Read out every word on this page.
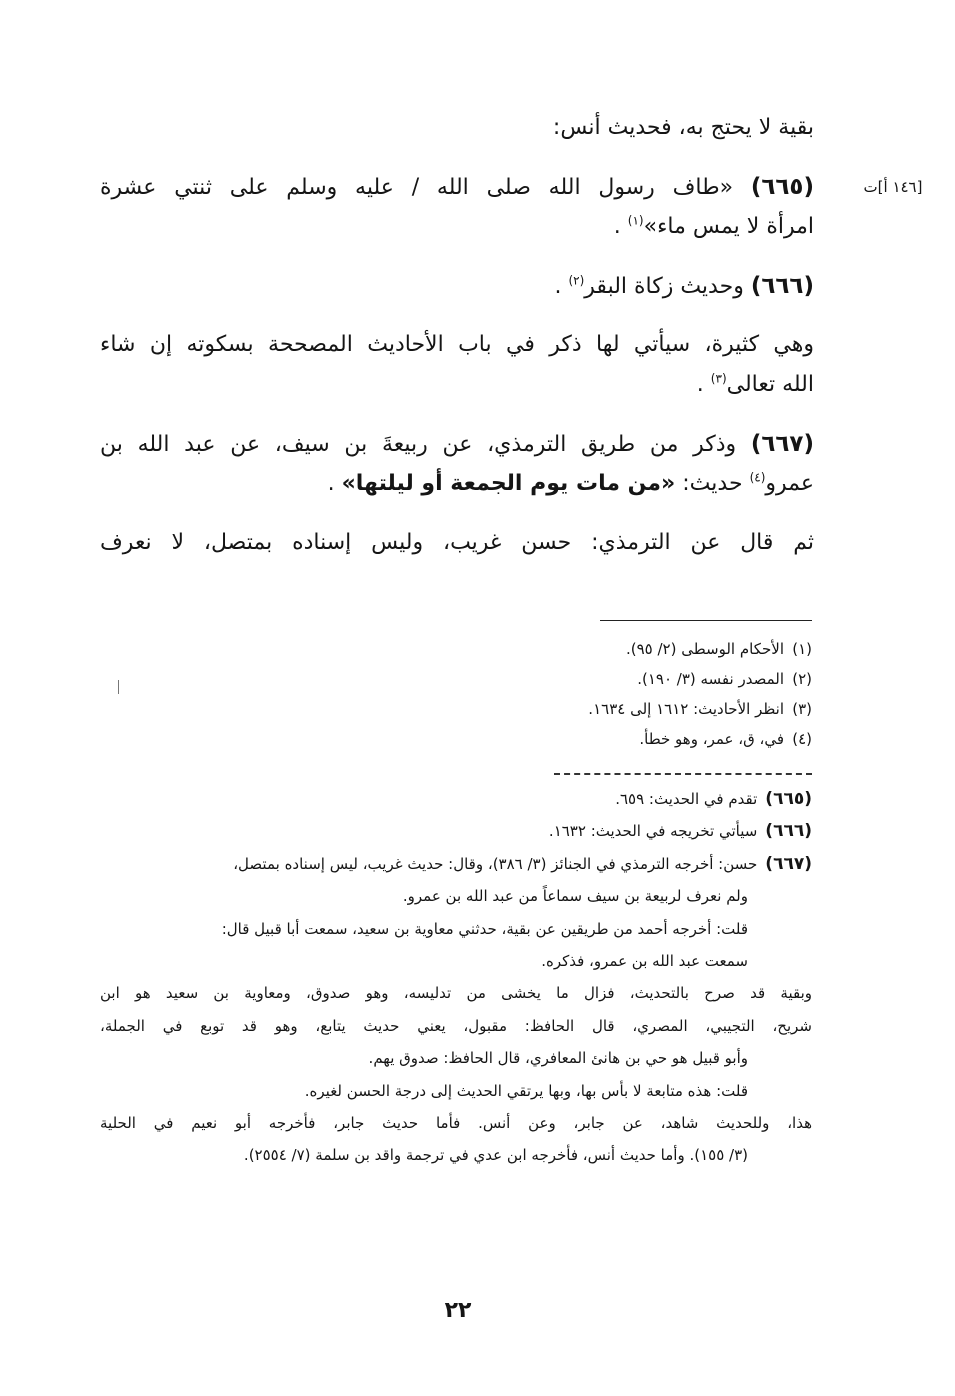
[١٤٦ أ]ت
بقية لا يحتج به، فحديث أنس:
(٦٦٥) «طاف رسول الله صلى الله / عليه وسلم على ثنتي عشرة
امرأة لا يمس ماء»$^{(١)}$ .
(٦٦٦) وحديث زكاة البقر$^{(٢)}$ .
وهي كثيرة، سيأتي لها ذكر في باب الأحاديث المصححة بسكوته إن شاء
الله تعالى$^{(٣)}$ .
(٦٦٧) وذكر من طريق الترمذي، عن ربيعةَ بن سيف، عن عبد الله بن
عمرو$^{(٤)}$ حديث: «من مات يوم الجمعة أو ليلتها» .
ثم قال عن الترمذي: حسن غريب، وليس إسناده بمتصل، لا نعرف
(١)الأحكام الوسطى (٢/ ٩٥).
(٢)المصدر نفسه (٣/ ١٩٠).
(٣)انظر الأحاديث: ١٦١٢ إلى ١٦٣٤.
(٤)في، ق، عمر، وهو خطأ.
(٦٦٥)تقدم في الحديث: ٦٥٩.
(٦٦٦)سيأتي تخريجه في الحديث: ١٦٣٢.
(٦٦٧)حسن: أخرجه الترمذي في الجنائز (٣/ ٣٨٦)، وقال: حديث غريب، ليس إسناده بمتصل،
ولم نعرف لربيعة بن سيف سماعاً من عبد الله بن عمرو.
قلت: أخرجه أحمد من طريقين عن بقية، حدثني معاوية بن سعيد، سمعت أبا قبيل قال:
سمعت عبد الله بن عمرو، فذكره.
وبقية قد صرح بالتحديث، فزال ما يخشى من تدليسه، وهو صدوق، ومعاوية بن سعيد هو ابن
شريح، التجيبي، المصري، قال الحافظ: مقبول، يعني حديث يتابع، وهو قد توبع في الجملة،
وأبو قبيل هو حي بن هانئ المعافري، قال الحافظ: صدوق يهم.
قلت: هذه متابعة لا بأس بها، وبها يرتقي الحديث إلى درجة الحسن لغيره.
هذا، وللحديث شاهد، عن جابر، وعن أنس. فأما حديث جابر، فأخرجه أبو نعيم في الحلية
(٣/ ١٥٥). وأما حديث أنس، فأخرجه ابن عدي في ترجمة واقد بن سلمة (٧/ ٢٥٥٤).
٢٢
